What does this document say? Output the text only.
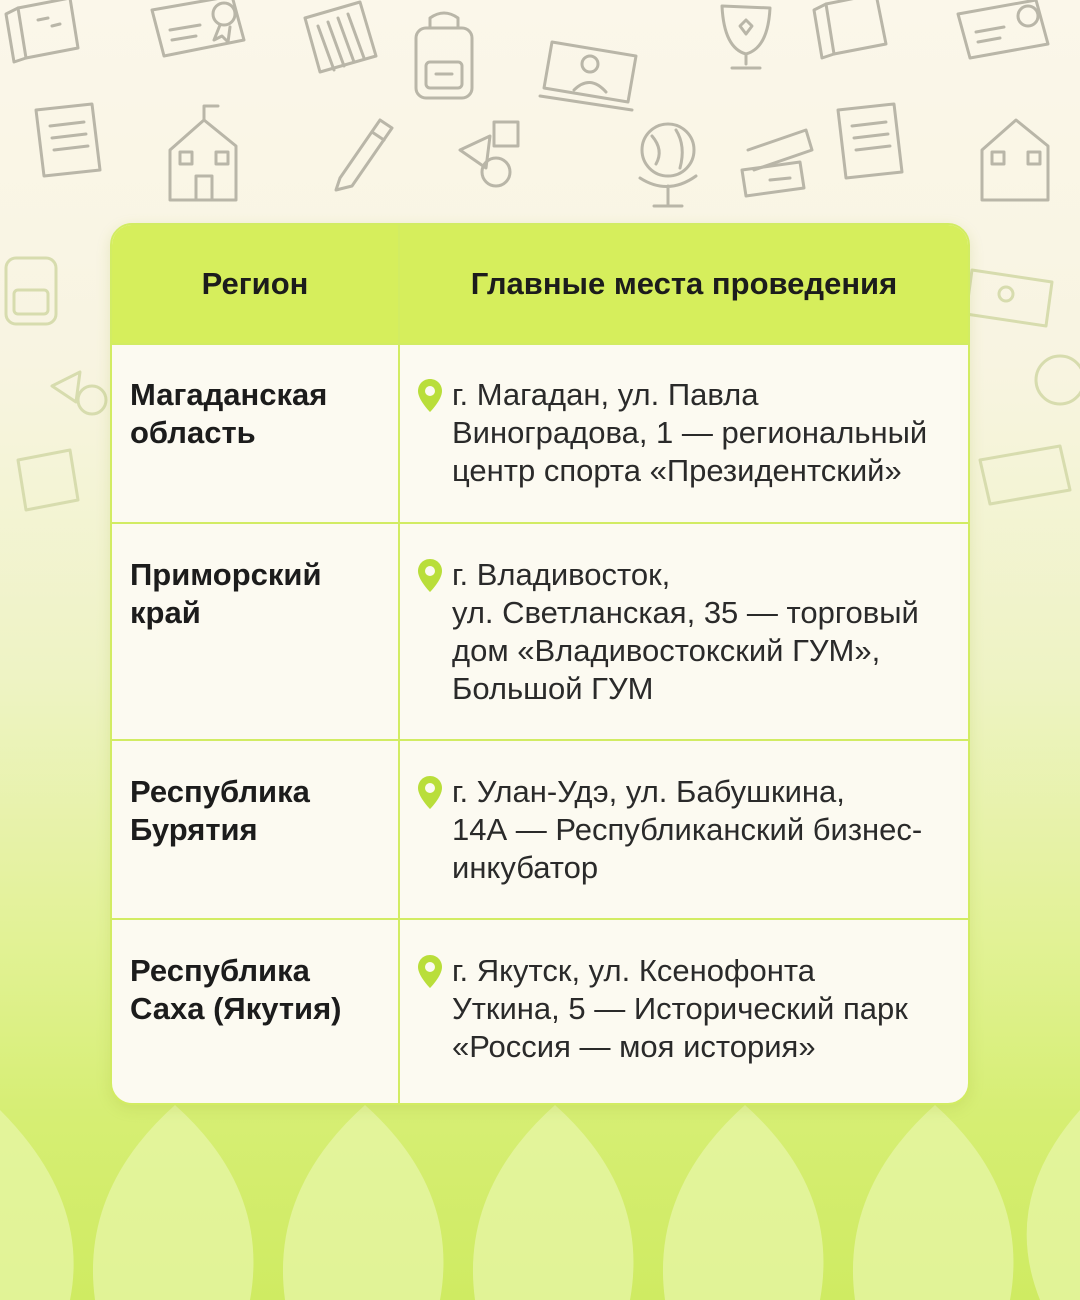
Регион	Главные места проведения
Магаданская
область
г. Магадан, ул. Павла
Виноградова, 1 — региональный
центр спорта «Президентский»
Приморский
край
г. Владивосток,
ул. Светланская, 35 — торговый
дом «Владивостокский ГУМ»,
Большой ГУМ
Республика
Бурятия
г. Улан-Удэ, ул. Бабушкина,
14А — Республиканский бизнес-
инкубатор
Республика
Саха (Якутия)
г. Якутск, ул. Ксенофонта
Уткина, 5 — Исторический парк
«Россия — моя история»
